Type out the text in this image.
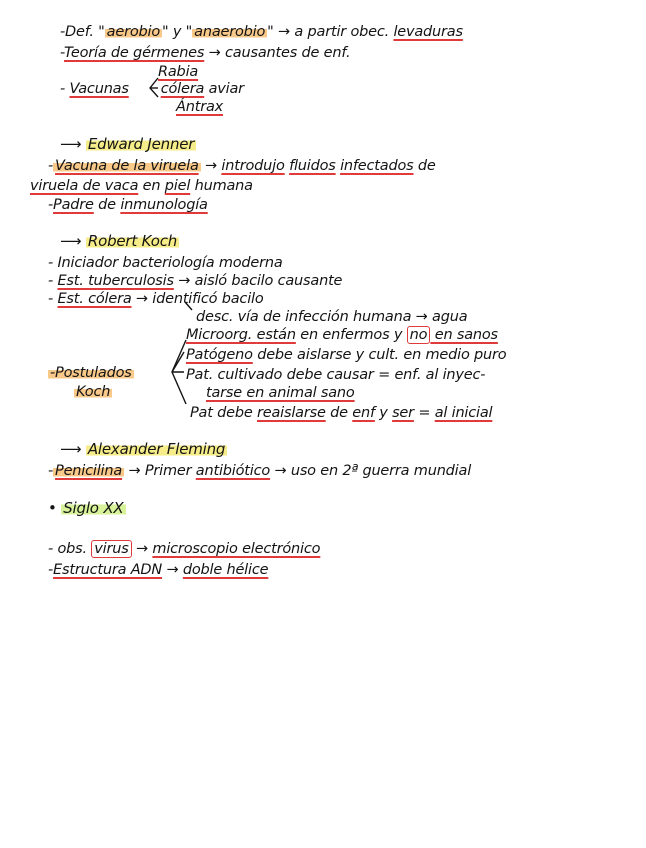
-Def. " aerobio " y " anaerobio " → a partir obec. levaduras
-Teoría de gérmenes → causantes de enf.
Rabia
- Vacunas cólera aviar
Ántrax
⟶ Edward Jenner
- Vacuna de la viruela → introdujo fluidos infectados de
viruela de vaca en piel humana
-Padre de inmunología
⟶ Robert Koch
- Iniciador bacteriología moderna
- Est. tuberculosis → aisló bacilo causante
- Est. cólera → identificó bacilo
desc. vía de infección humana → agua
-Postulados
Koch
Microorg. están en enfermos y no en sanos
Patógeno debe aislarse y cult. en medio puro
Pat. cultivado debe causar = enf. al inyec-
tarse en animal sano
Pat debe reaislarse de enf y ser = al inicial
⟶ Alexander Fleming
- Penicilina → Primer antibiótico → uso en 2ª guerra mundial
• Siglo XX
- obs. virus → microscopio electrónico
-Estructura ADN → doble hélice
